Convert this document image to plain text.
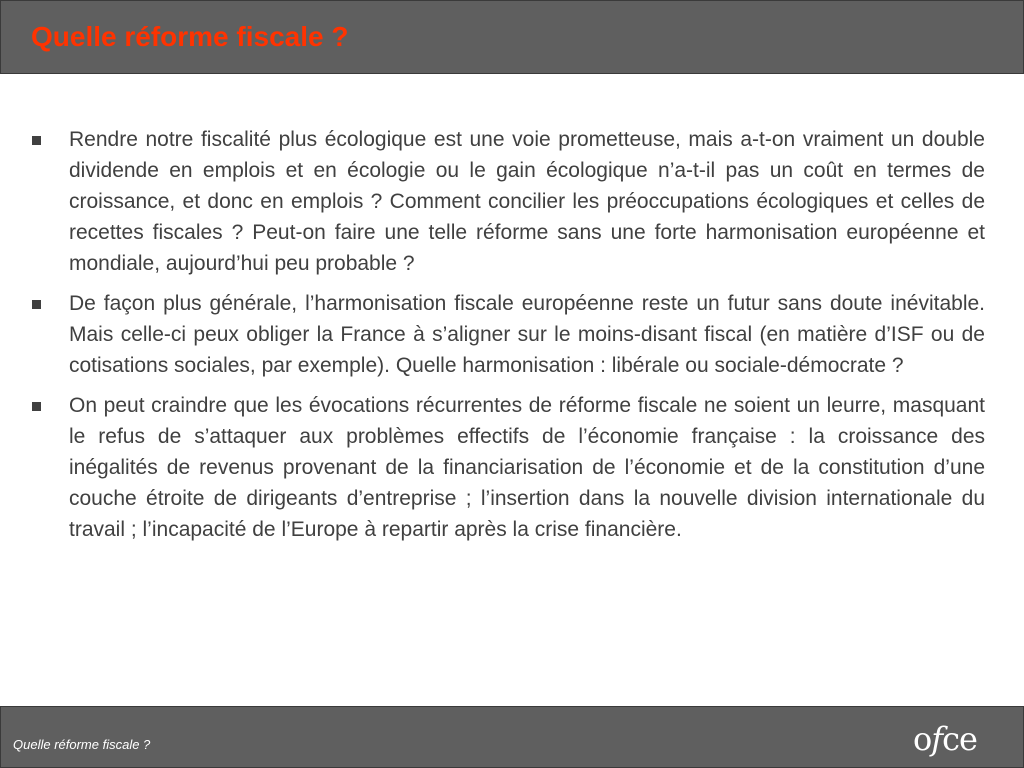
Quelle réforme fiscale ?
Rendre notre fiscalité plus écologique est une voie prometteuse, mais a-t-on vraiment un double dividende en emplois et en écologie ou le gain écologique n’a-t-il pas un coût en termes de croissance, et donc en emplois ? Comment concilier les préoccupations écologiques et celles de recettes fiscales ? Peut-on faire une telle réforme sans une forte harmonisation européenne et mondiale, aujourd’hui peu probable ?
De façon plus générale, l’harmonisation fiscale européenne reste un futur sans doute inévitable. Mais celle-ci peux obliger la France à s’aligner sur le moins-disant fiscal (en matière d’ISF ou de cotisations sociales, par exemple). Quelle harmonisation : libérale ou sociale-démocrate ?
On peut craindre que les évocations récurrentes de réforme fiscale ne soient un leurre, masquant le refus de s’attaquer aux problèmes effectifs de l’économie française : la croissance des inégalités de revenus provenant de la financiarisation de l’économie et de la constitution d’une couche étroite de dirigeants d’entreprise ; l’insertion dans la nouvelle division internationale du travail ; l’incapacité de l’Europe à repartir après la crise financière.
Quelle réforme fiscale ?	ofce
